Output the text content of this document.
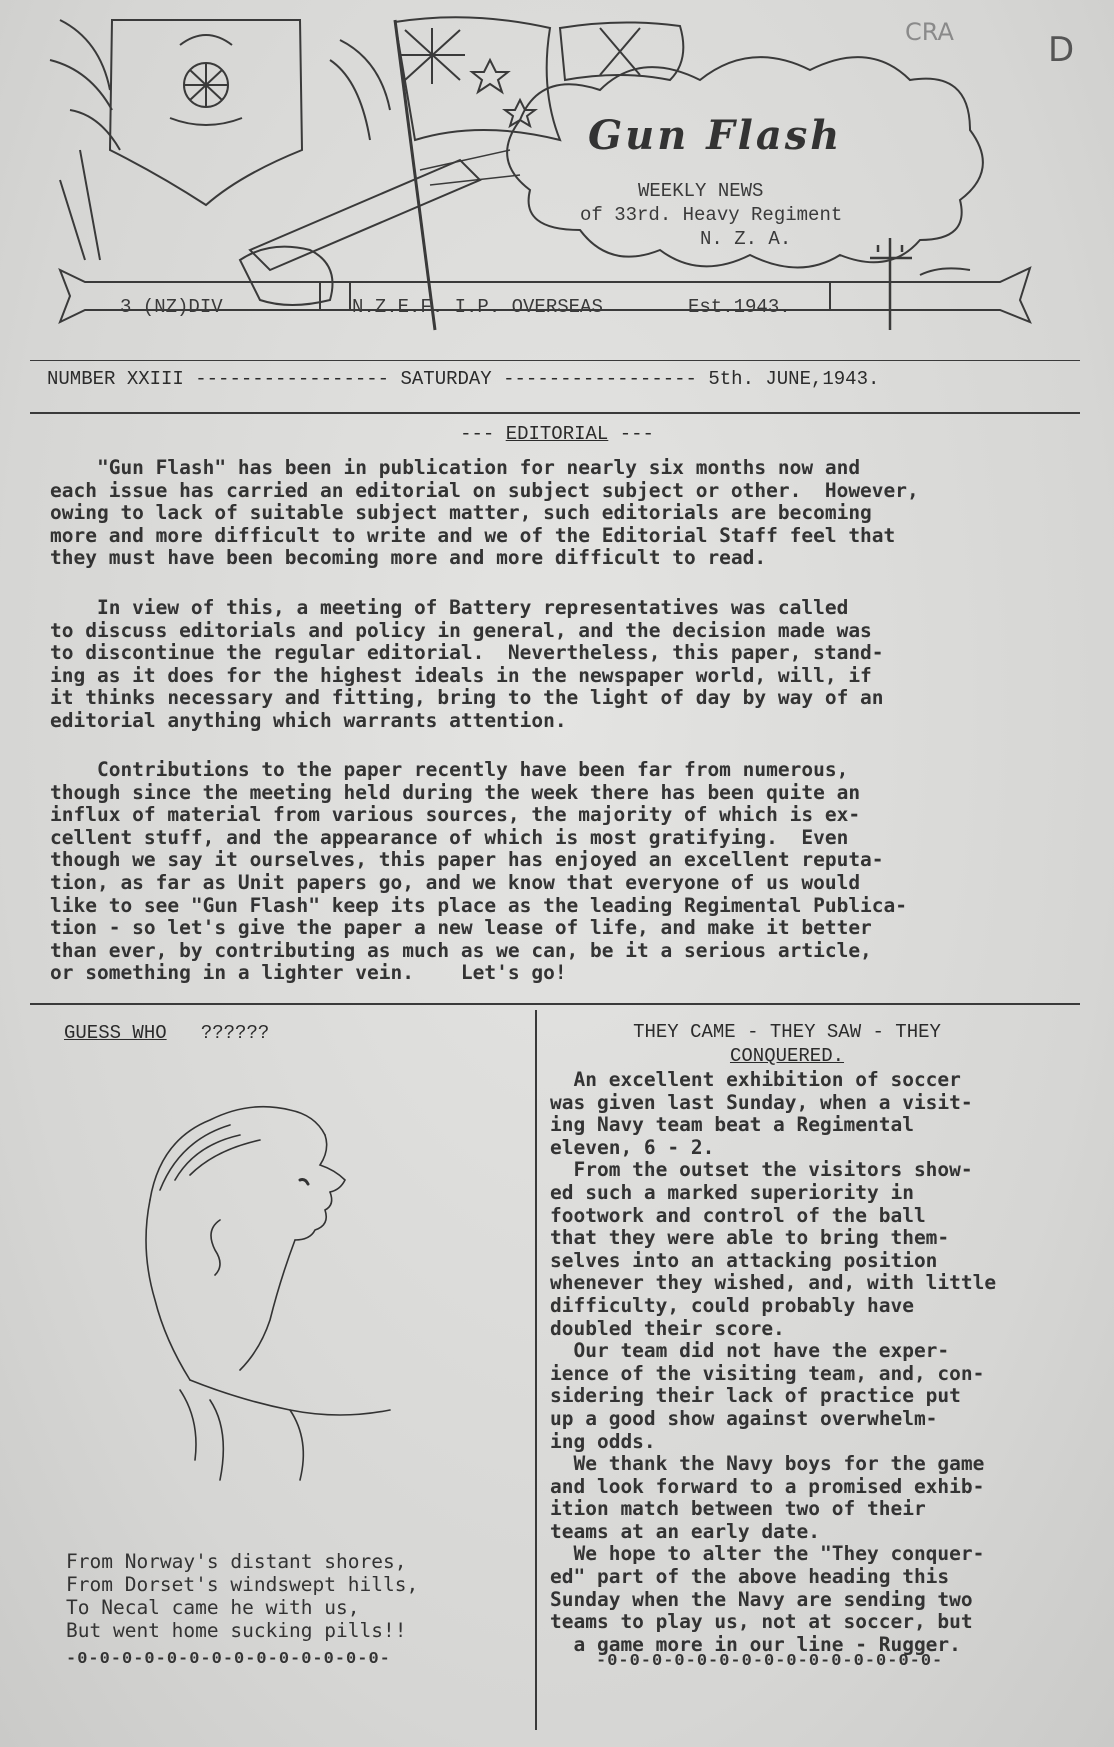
Gun Flash
WEEKLY NEWS
of 33rd. Heavy Regiment
N. Z. A.
3 (NZ)DIV	N.Z.E.F. I.P. OVERSEAS	Est.1943.
CRA	D
NUMBER XXIII ----------------- SATURDAY ----------------- 5th. JUNE,1943.
--- EDITORIAL ---
"Gun Flash" has been in publication for nearly six months now and
each issue has carried an editorial on subject subject or other.  However,
owing to lack of suitable subject matter, such editorials are becoming
more and more difficult to write and we of the Editorial Staff feel that
they must have been becoming more and more difficult to read.
In view of this, a meeting of Battery representatives was called
to discuss editorials and policy in general, and the decision made was
to discontinue the regular editorial.  Nevertheless, this paper, stand-
ing as it does for the highest ideals in the newspaper world, will, if
it thinks necessary and fitting, bring to the light of day by way of an
editorial anything which warrants attention.
Contributions to the paper recently have been far from numerous,
though since the meeting held during the week there has been quite an
influx of material from various sources, the majority of which is ex-
cellent stuff, and the appearance of which is most gratifying.  Even
though we say it ourselves, this paper has enjoyed an excellent reputa-
tion, as far as Unit papers go, and we know that everyone of us would
like to see "Gun Flash" keep its place as the leading Regimental Publica-
tion - so let's give the paper a new lease of life, and make it better
than ever, by contributing as much as we can, be it a serious article,
or something in a lighter vein.    Let's go!
GUESS WHO ??????
From Norway's distant shores,
From Dorset's windswept hills,
To Necal came he with us,
But went home sucking pills!!
-0-0-0-0-0-0-0-0-0-0-0-0-0-0-
THEY CAME - THEY SAW - THEY
CONQUERED.
An excellent exhibition of soccer
was given last Sunday, when a visit-
ing Navy team beat a Regimental
eleven, 6 - 2.
From the outset the visitors show-
ed such a marked superiority in
footwork and control of the ball
that they were able to bring them-
selves into an attacking position
whenever they wished, and, with little
difficulty, could probably have
doubled their score.
Our team did not have the exper-
ience of the visiting team, and, con-
sidering their lack of practice put
up a good show against overwhelm-
ing odds.
We thank the Navy boys for the game
and look forward to a promised exhib-
ition match between two of their
teams at an early date.
We hope to alter the "They conquer-
ed" part of the above heading this
Sunday when the Navy are sending two
teams to play us, not at soccer, but
a game more in our line - Rugger.
-0-0-0-0-0-0-0-0-0-0-0-0-0-0-0-
